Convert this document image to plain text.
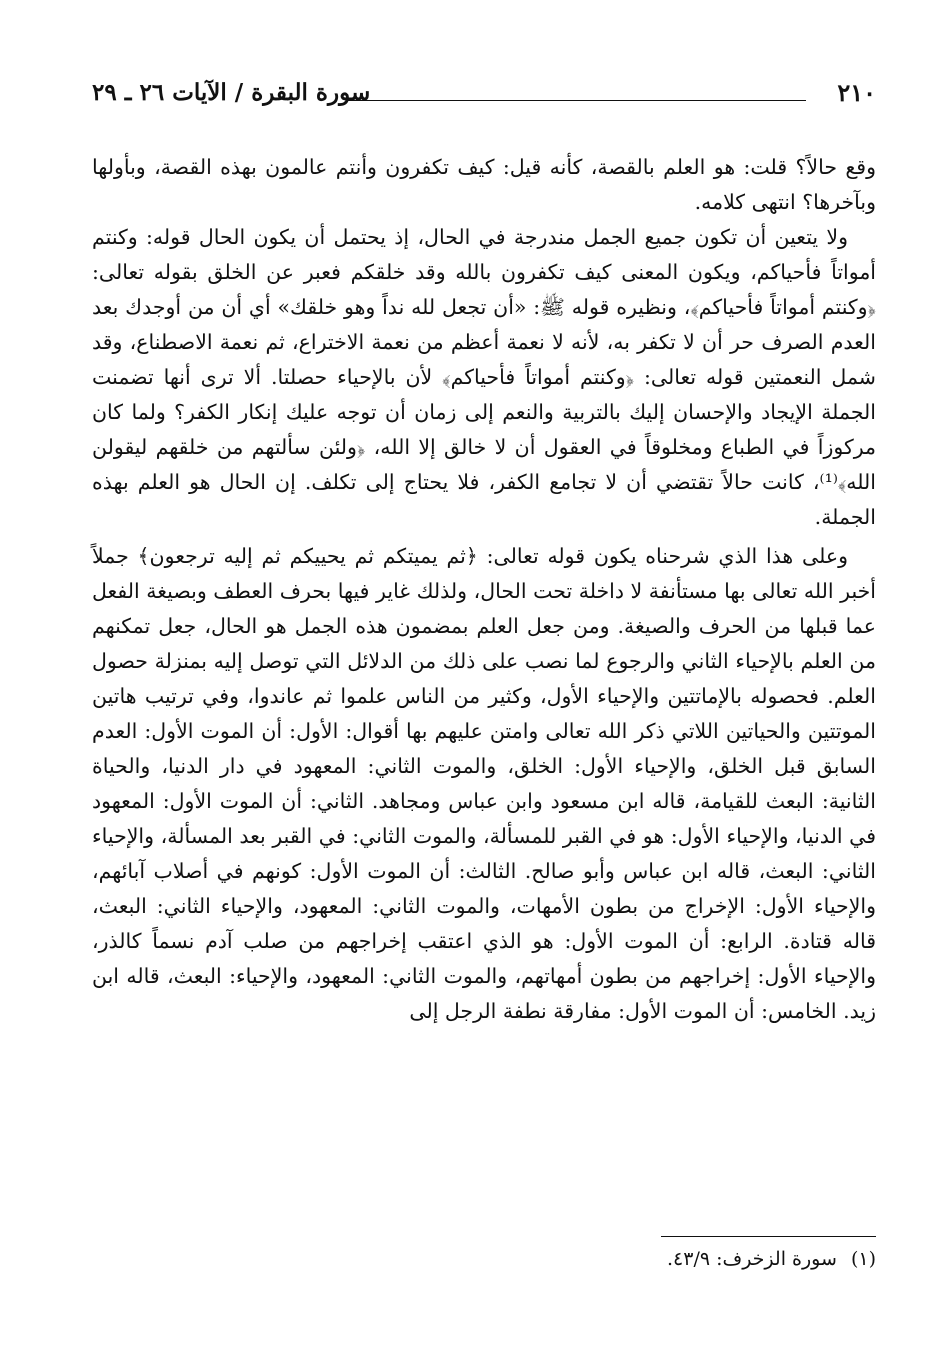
٢١٠
سورة البقرة / الآيات ٢٦ ـ ٢٩

وقع حالاً؟ قلت: هو العلم بالقصة، كأنه قيل: كيف تكفرون وأنتم عالمون بهذه القصة، وبأولها وبآخرها؟ انتهى كلامه.

ولا يتعين أن تكون جميع الجمل مندرجة في الحال، إذ يحتمل أن يكون الحال قوله: وكنتم أمواتاً فأحياكم، ويكون المعنى كيف تكفرون بالله وقد خلقكم فعبر عن الخلق بقوله تعالى: ﴿وكنتم أمواتاً فأحياكم﴾، ونظيره قوله ﷺ: «أن تجعل لله نداً وهو خلقك» أي أن من أوجدك بعد العدم الصرف حر أن لا تكفر به، لأنه لا نعمة أعظم من نعمة الاختراع، ثم نعمة الاصطناع، وقد شمل النعمتين قوله تعالى: ﴿وكنتم أمواتاً فأحياكم﴾ لأن بالإحياء حصلتا. ألا ترى أنها تضمنت الجملة الإيجاد والإحسان إليك بالتربية والنعم إلى زمان أن توجه عليك إنكار الكفر؟ ولما كان مركوزاً في الطباع ومخلوقاً في العقول أن لا خالق إلا الله، ﴿ولئن سألتهم من خلقهم ليقولن الله﴾⁽¹⁾، كانت حالاً تقتضي أن لا تجامع الكفر، فلا يحتاج إلى تكلف. إن الحال هو العلم بهذه الجملة.

وعلى هذا الذي شرحناه يكون قوله تعالى: ﴿ثم يميتكم ثم يحييكم ثم إليه ترجعون﴾ جملاً أخبر الله تعالى بها مستأنفة لا داخلة تحت الحال، ولذلك غاير فيها بحرف العطف وبصيغة الفعل عما قبلها من الحرف والصيغة. ومن جعل العلم بمضمون هذه الجمل هو الحال، جعل تمكنهم من العلم بالإحياء الثاني والرجوع لما نصب على ذلك من الدلائل التي توصل إليه بمنزلة حصول العلم. فحصوله بالإماتتين والإحياء الأول، وكثير من الناس علموا ثم عاندوا، وفي ترتيب هاتين الموتتين والحياتين اللاتي ذكر الله تعالى وامتن عليهم بها أقوال: الأول: أن الموت الأول: العدم السابق قبل الخلق، والإحياء الأول: الخلق، والموت الثاني: المعهود في دار الدنيا، والحياة الثانية: البعث للقيامة، قاله ابن مسعود وابن عباس ومجاهد. الثاني: أن الموت الأول: المعهود في الدنيا، والإحياء الأول: هو في القبر للمسألة، والموت الثاني: في القبر بعد المسألة، والإحياء الثاني: البعث، قاله ابن عباس وأبو صالح. الثالث: أن الموت الأول: كونهم في أصلاب آبائهم، والإحياء الأول: الإخراج من بطون الأمهات، والموت الثاني: المعهود، والإحياء الثاني: البعث، قاله قتادة. الرابع: أن الموت الأول: هو الذي اعتقب إخراجهم من صلب آدم نسماً كالذر، والإحياء الأول: إخراجهم من بطون أمهاتهم، والموت الثاني: المعهود، والإحياء: البعث، قاله ابن زيد. الخامس: أن الموت الأول: مفارقة نطفة الرجل إلى

(١) سورة الزخرف: ٤٣/٩.
